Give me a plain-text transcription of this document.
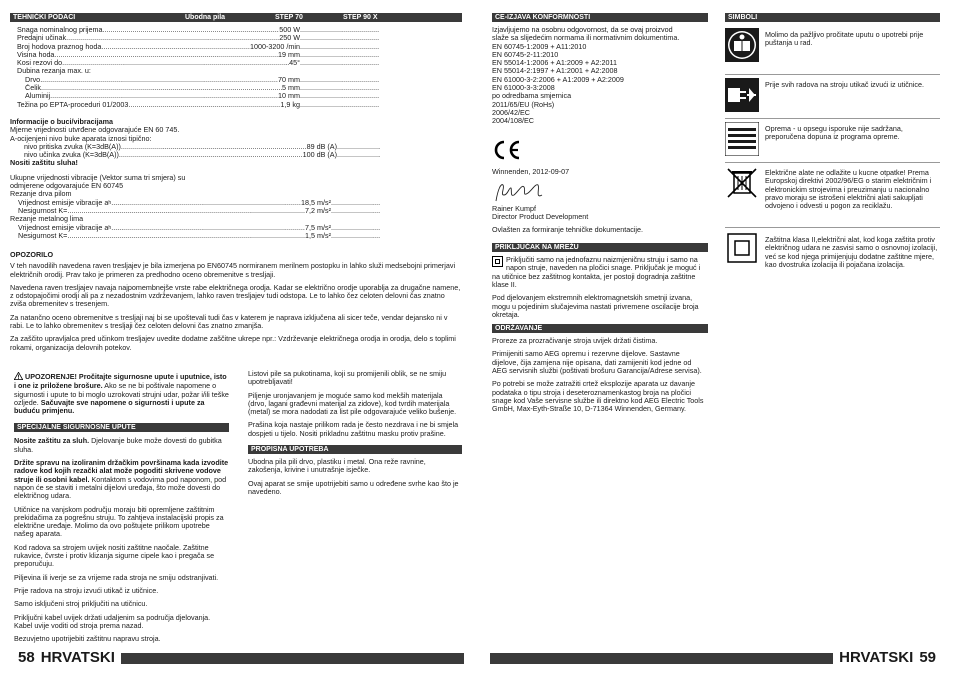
TEHNIČKI PODACI	Ubodna pila	STEP 70	STEP 90 X
Snaga nominalnog prijema .....	500 W
.....
Predajni učinak .....	250 W
.....
Broj hodova praznog hoda .....	1000-3200 /min
.....
Visina hoda .....	19 mm
.....
Kosi rezovi do .....	45°
.....
Dubina rezanja max. u:
Drvo .....	70 mm
.....
Čelik .....	5 mm
.....
Aluminij .....	10 mm
.....
Težina po EPTA-proceduri 01/2003 .....	1,9 kg
.....
Informacije o buci/vibracijama
Mjerne vrijednosti utvrđene odgovarajuće EN 60 745.
A-ocijenjeni nivo buke aparata iznosi tipično:
nivo pritiska zvuka (K=3dB(A)) .....	89 dB (A)
.....
nivo učinka zvuka (K=3dB(A)) .....	100 dB (A)
.....
Nositi zaštitu sluha!
Ukupne vrijednosti vibracije (Vektor suma tri smjera) su
odmjerene odgovarajuće EN 60745
Rezanje drva pilom
Vrijednost emisije vibracije a h .....	18,5 m/s²
.....
Nesigurnost K= .....	7,2 m/s²
.....
Rezanje metalnog lima
Vrijednost emisije vibracije a h .....	7,5 m/s²
.....
Nesigurnost K= .....	1,5 m/s²
.....
OPOZORILO

V teh navodilih navedena raven tresljajev je bila izmerjena po EN60745 normiranem merilnem postopku in lahko služi medsebojni primerjavi električnih orodij. Prav tako je primeren za predhodno oceno obremenitve s tresljaji.

Navedena raven tresljajev navaja najpomembnejše vrste rabe električnega orodja. Kadar se električno orodje uporablja za drugačne namene, z odstopajočimi orodji ali pa z nezadostnim vzdrževanjem, lahko raven tresljajev tudi odstopa. Le to lahko čez celoten delovni čas znatno zviša obremenitev s tresenjem.

Za natančno oceno obremenitve s tresljaji naj bi se upoštevali tudi čas v katerem je naprava izključena ali sicer teče, vendar dejansko ni v rabi. Le to lahko obremenitev s tresljaji čez celoten delovni čas znatno zmanjša.

Za zaščito upravljalca pred učinkom tresljajev uvedite dodatne zaščitne ukrepe npr.: Vzdrževanje električnega orodja in orodja, delo s toplimi rokami, organizacija delovnih potekov.

UPOZORENJE! Pročitajte sigurnosne upute i uputnice, isto i one iz priložene brošure. Ako se ne bi poštivale napomene o sigurnosti i upute to bi moglo uzrokovati strujni udar, požar i/ili teške ozljede. Sačuvajte sve napomene o sigurnosti i upute za buduću primjenu.

SPECIJALNE SIGURNOSNE UPUTE

Nosite zaštitu za sluh. Djelovanje buke može dovesti do gubitka sluha.

Držite spravu na izoliranim držačkim površinama kada izvodite radove kod kojih rezački alat može pogoditi skrivene vodove struje ili osobni kabel. Kontaktom s vodovima pod naponom, pod napon će se staviti i metalni dijelovi uređaja, što može dovesti do električnog udara.

Utičnice na vanjskom području moraju biti opremljene zaštitnim prekidačima za pogrešnu struju. To zahtjeva instalacijski propis za električne uređaje. Molimo da ovo poštujete prilikom upotrebe našeg aparata.

Kod radova sa strojem uvijek nositi zaštitne naočale. Zaštitne rukavice, čvrste i protiv klizanja sigurne cipele kao i pregača se preporučuju.

Piljevina ili iverje se za vrijeme rada stroja ne smiju odstranjivati.

Prije radova na stroju izvući utikač iz utičnice.

Samo isključeni stroj priključiti na utičnicu.

Priključni kabel uvijek držati udaljenim sa područja djelovanja. Kabel uvije voditi od stroja prema nazad.

Bezuvjetno upotrijebiti zaštitnu napravu stroja.

Listovi pile sa pukotinama, koji su promijenili oblik, se ne smiju upotrebljavati!

Piljenje uronjavanjem je moguće samo kod mekših materijala (drvo, lagani građevni materijal za zidove), kod tvrdih materijala (metal) se mora nadodati za list pile odgovarajuće veliko bušenje.

Prašina koja nastaje prilikom rada je često nezdrava i ne bi smjela dospjeti u tijelo. Nositi prikladnu zaštitnu masku protiv prašine.

PROPISNA UPOTREBA

Ubodna pila pili drvo, plastiku i metal. Ona reže ravnine, zakošenja, krivine i unutrašnje isječke.

Ovaj aparat se smije upotrijebiti samo u određene svrhe kao što je navedeno.

58 HRVATSKI
CE-IZJAVA KONFORMNOSTI
Izjavljujemo na osobnu odgovornost, da se ovaj proizvod
slaže sa slijedećim normama ili normativnim dokumentima.
EN 60745-1:2009 + A11:2010
EN 60745-2-11:2010
EN 55014-1:2006 + A1:2009 + A2:2011
EN 55014-2:1997 + A1:2001 + A2:2008
EN 61000-3-2:2006 + A1:2009 + A2:2009
EN 61000-3-3:2008
po odredbama smjernica
2011/65/EU (RoHs)
2006/42/EC
2004/108/EC
Winnenden, 2012-09-07
Rainer Kumpf
Director Product Development
Ovlašten za formiranje tehničke dokumentacije.
PRIKLJUČAK NA MREŽU

Priključiti samo na jednofaznu naizmjeničnu struju i samo na napon struje, naveden na pločici snage. Priključak je moguć i na utičnice bez zaštitnog kontakta, jer postoji dogradnja zaštitne klase II.

Pod djelovanjem ekstremnih elektromagnetskih smetnji izvana, mogu u pojedinim slučajevima nastati privremene oscilacije broja okretaja.

ODRŽAVANJE

Proreze za prozračivanje stroja uvijek držati čistima.

Primijeniti samo AEG opremu i rezervne dijelove. Sastavne dijelove, čija zamjena nije opisana, dati zamijeniti kod jedne od AEG servisnih službi (poštivati brošuru Garancija/Adrese servisa).

Po potrebi se može zatražiti crtež eksplozije aparata uz davanje podataka o tipu stroja i deseteroznamenkastog broja na pločici snage kod Vaše servisne službe ili direktno kod AEG Electric Tools GmbH, Max-Eyth-Straße 10, D-71364 Winnenden, Germany.

SIMBOLI
Molimo da pažljivo pročitate uputu o upotrebi prije puštanja u rad.
Prije svih radova na stroju utikač izvući iz utičnice.
Oprema - u opsegu isporuke nije sadržana, preporučena dopuna iz programa opreme.
Električne alate ne odlažite u kucne otpatke! Prema Europskoj direktivi 2002/96/EG o starim električnim i elektronickim strojevima i preuzimanju u nacionalno pravo moraju se istrošeni električni alati sakupljati odvojeno i odvesti u pogon za reciklažu.
Zaštitna klasa II,električni alat, kod koga zaštita protiv električnog udara ne zasvisi samo o osnovnoj izolaciji, već se kod njega primijenjuju dodatne zaštitne mjere, kao dvostruka izolacija ili pojačana izolacija.
HRVATSKI 59
